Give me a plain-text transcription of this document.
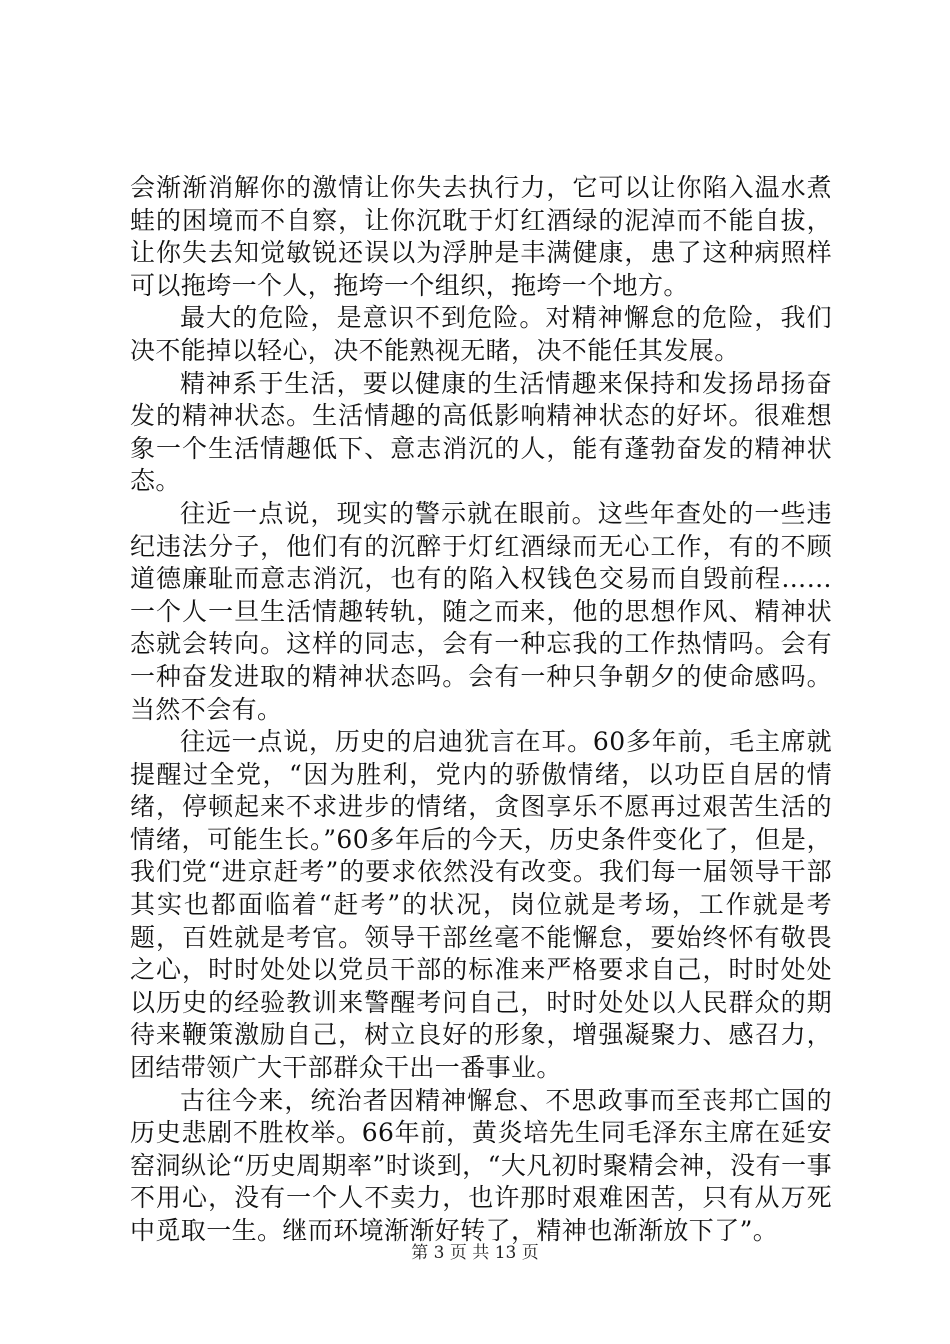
会渐渐消解你的激情让你失去执行力，它可以让你陷入温水煮蛙的困境而不自察，让你沉耽于灯红酒绿的泥淖而不能自拔，让你失去知觉敏锐还误以为浮肿是丰满健康，患了这种病照样可以拖垮一个人，拖垮一个组织，拖垮一个地方。

最大的危险，是意识不到危险。对精神懈怠的危险，我们决不能掉以轻心，决不能熟视无睹，决不能任其发展。

精神系于生活，要以健康的生活情趣来保持和发扬昂扬奋发的精神状态。生活情趣的高低影响精神状态的好坏。很难想象一个生活情趣低下、意志消沉的人，能有蓬勃奋发的精神状态。

往近一点说，现实的警示就在眼前。这些年查处的一些违纪违法分子，他们有的沉醉于灯红酒绿而无心工作，有的不顾道德廉耻而意志消沉，也有的陷入权钱色交易而自毁前程……一个人一旦生活情趣转轨，随之而来，他的思想作风、精神状态就会转向。这样的同志，会有一种忘我的工作热情吗。会有一种奋发进取的精神状态吗。会有一种只争朝夕的使命感吗。当然不会有。

往远一点说，历史的启迪犹言在耳。60多年前，毛主席就提醒过全党，“因为胜利，党内的骄傲情绪，以功臣自居的情绪，停顿起来不求进步的情绪，贪图享乐不愿再过艰苦生活的情绪，可能生长。”60多年后的今天，历史条件变化了，但是，我们党“进京赶考”的要求依然没有改变。我们每一届领导干部其实也都面临着“赶考”的状况，岗位就是考场，工作就是考题，百姓就是考官。领导干部丝毫不能懈怠，要始终怀有敬畏之心，时时处处以党员干部的标准来严格要求自己，时时处处以历史的经验教训来警醒考问自己，时时处处以人民群众的期待来鞭策激励自己，树立良好的形象，增强凝聚力、感召力，团结带领广大干部群众干出一番事业。

古往今来，统治者因精神懈怠、不思政事而至丧邦亡国的历史悲剧不胜枚举。66年前，黄炎培先生同毛泽东主席在延安窑洞纵论“历史周期率”时谈到，“大凡初时聚精会神，没有一事不用心，没有一个人不卖力，也许那时艰难困苦，只有从万死中觅取一生。继而环境渐渐好转了，精神也渐渐放下了”。

第 3 页 共 13 页
